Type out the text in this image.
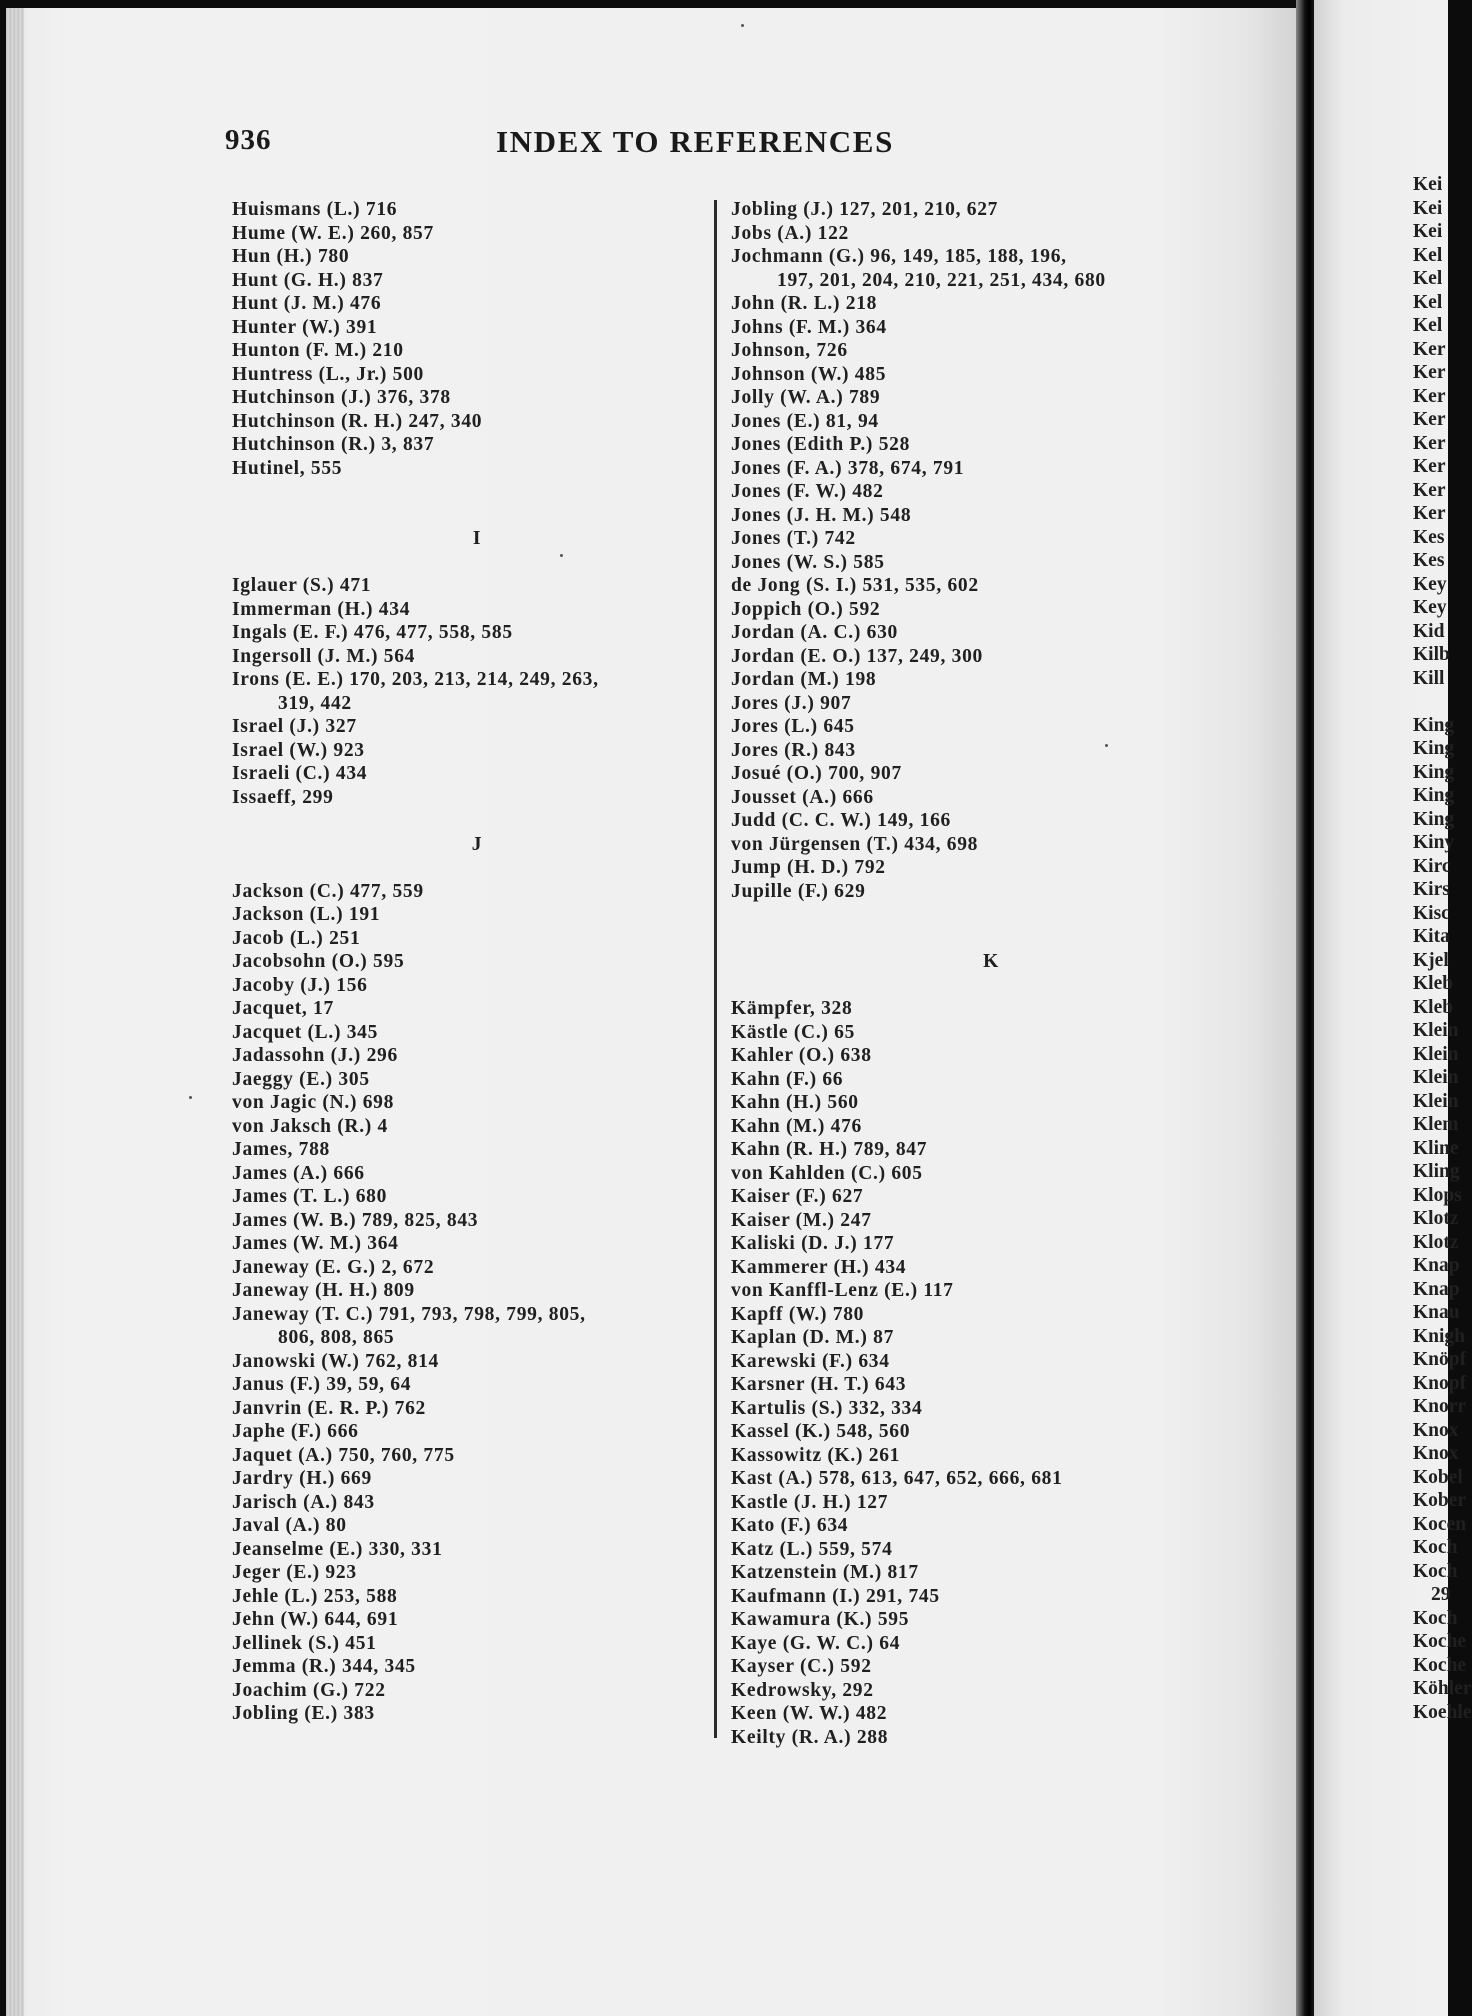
936	INDEX TO REFERENCES
Huismans (L.) 716
Hume (W. E.) 260, 857
Hun (H.) 780
Hunt (G. H.) 837
Hunt (J. M.) 476
Hunter (W.) 391
Hunton (F. M.) 210
Huntress (L., Jr.) 500
Hutchinson (J.) 376, 378
Hutchinson (R. H.) 247, 340
Hutchinson (R.) 3, 837
Hutinel, 555
I
Iglauer (S.) 471
Immerman (H.) 434
Ingals (E. F.) 476, 477, 558, 585
Ingersoll (J. M.) 564
Irons (E. E.) 170, 203, 213, 214, 249, 263,
319, 442
Israel (J.) 327
Israel (W.) 923
Israeli (C.) 434
Issaeff, 299
J
Jackson (C.) 477, 559
Jackson (L.) 191
Jacob (L.) 251
Jacobsohn (O.) 595
Jacoby (J.) 156
Jacquet, 17
Jacquet (L.) 345
Jadassohn (J.) 296
Jaeggy (E.) 305
von Jagic (N.) 698
von Jaksch (R.) 4
James, 788
James (A.) 666
James (T. L.) 680
James (W. B.) 789, 825, 843
James (W. M.) 364
Janeway (E. G.) 2, 672
Janeway (H. H.) 809
Janeway (T. C.) 791, 793, 798, 799, 805,
806, 808, 865
Janowski (W.) 762, 814
Janus (F.) 39, 59, 64
Janvrin (E. R. P.) 762
Japhe (F.) 666
Jaquet (A.) 750, 760, 775
Jardry (H.) 669
Jarisch (A.) 843
Javal (A.) 80
Jeanselme (E.) 330, 331
Jeger (E.) 923
Jehle (L.) 253, 588
Jehn (W.) 644, 691
Jellinek (S.) 451
Jemma (R.) 344, 345
Joachim (G.) 722
Jobling (E.) 383
Jobling (J.) 127, 201, 210, 627
Jobs (A.) 122
Jochmann (G.) 96, 149, 185, 188, 196,
197, 201, 204, 210, 221, 251, 434, 680
John (R. L.) 218
Johns (F. M.) 364
Johnson, 726
Johnson (W.) 485
Jolly (W. A.) 789
Jones (E.) 81, 94
Jones (Edith P.) 528
Jones (F. A.) 378, 674, 791
Jones (F. W.) 482
Jones (J. H. M.) 548
Jones (T.) 742
Jones (W. S.) 585
de Jong (S. I.) 531, 535, 602
Joppich (O.) 592
Jordan (A. C.) 630
Jordan (E. O.) 137, 249, 300
Jordan (M.) 198
Jores (J.) 907
Jores (L.) 645
Jores (R.) 843
Josué (O.) 700, 907
Jousset (A.) 666
Judd (C. C. W.) 149, 166
von Jürgensen (T.) 434, 698
Jump (H. D.) 792
Jupille (F.) 629
K
Kämpfer, 328
Kästle (C.) 65
Kahler (O.) 638
Kahn (F.) 66
Kahn (H.) 560
Kahn (M.) 476
Kahn (R. H.) 789, 847
von Kahlden (C.) 605
Kaiser (F.) 627
Kaiser (M.) 247
Kaliski (D. J.) 177
Kammerer (H.) 434
von Kanffl-Lenz (E.) 117
Kapff (W.) 780
Kaplan (D. M.) 87
Karewski (F.) 634
Karsner (H. T.) 643
Kartulis (S.) 332, 334
Kassel (K.) 548, 560
Kassowitz (K.) 261
Kast (A.) 578, 613, 647, 652, 666, 681
Kastle (J. H.) 127
Kato (F.) 634
Katz (L.) 559, 574
Katzenstein (M.) 817
Kaufmann (I.) 291, 745
Kawamura (K.) 595
Kaye (G. W. C.) 64
Kayser (C.) 592
Kedrowsky, 292
Keen (W. W.) 482
Keilty (R. A.) 288
Kei
Kei
Kei
Kel
Kel
Kel
Kel
Ker
Ker
Ker
Ker
Ker
Ker
Ker
Ker
Kes
Kes
Key
Key
Kid
Kilb
Kill
King
King
King
King
King
Kiny
Kirc
Kirs
Kisc
Kita
Kjel
Kleb
Kleb
Klein
Klein
Klein
Klein
Klem
Kline
Kling
Klops
Klotz
Klotz
Knap
Knap
Knau
Knigh
Knöpf
Knopf
Knorr
Knox
Knox
Kobel
Kober
Kocen
Koch
Koch
29
Koch
Koche
Koche
Köhler
Koehle
